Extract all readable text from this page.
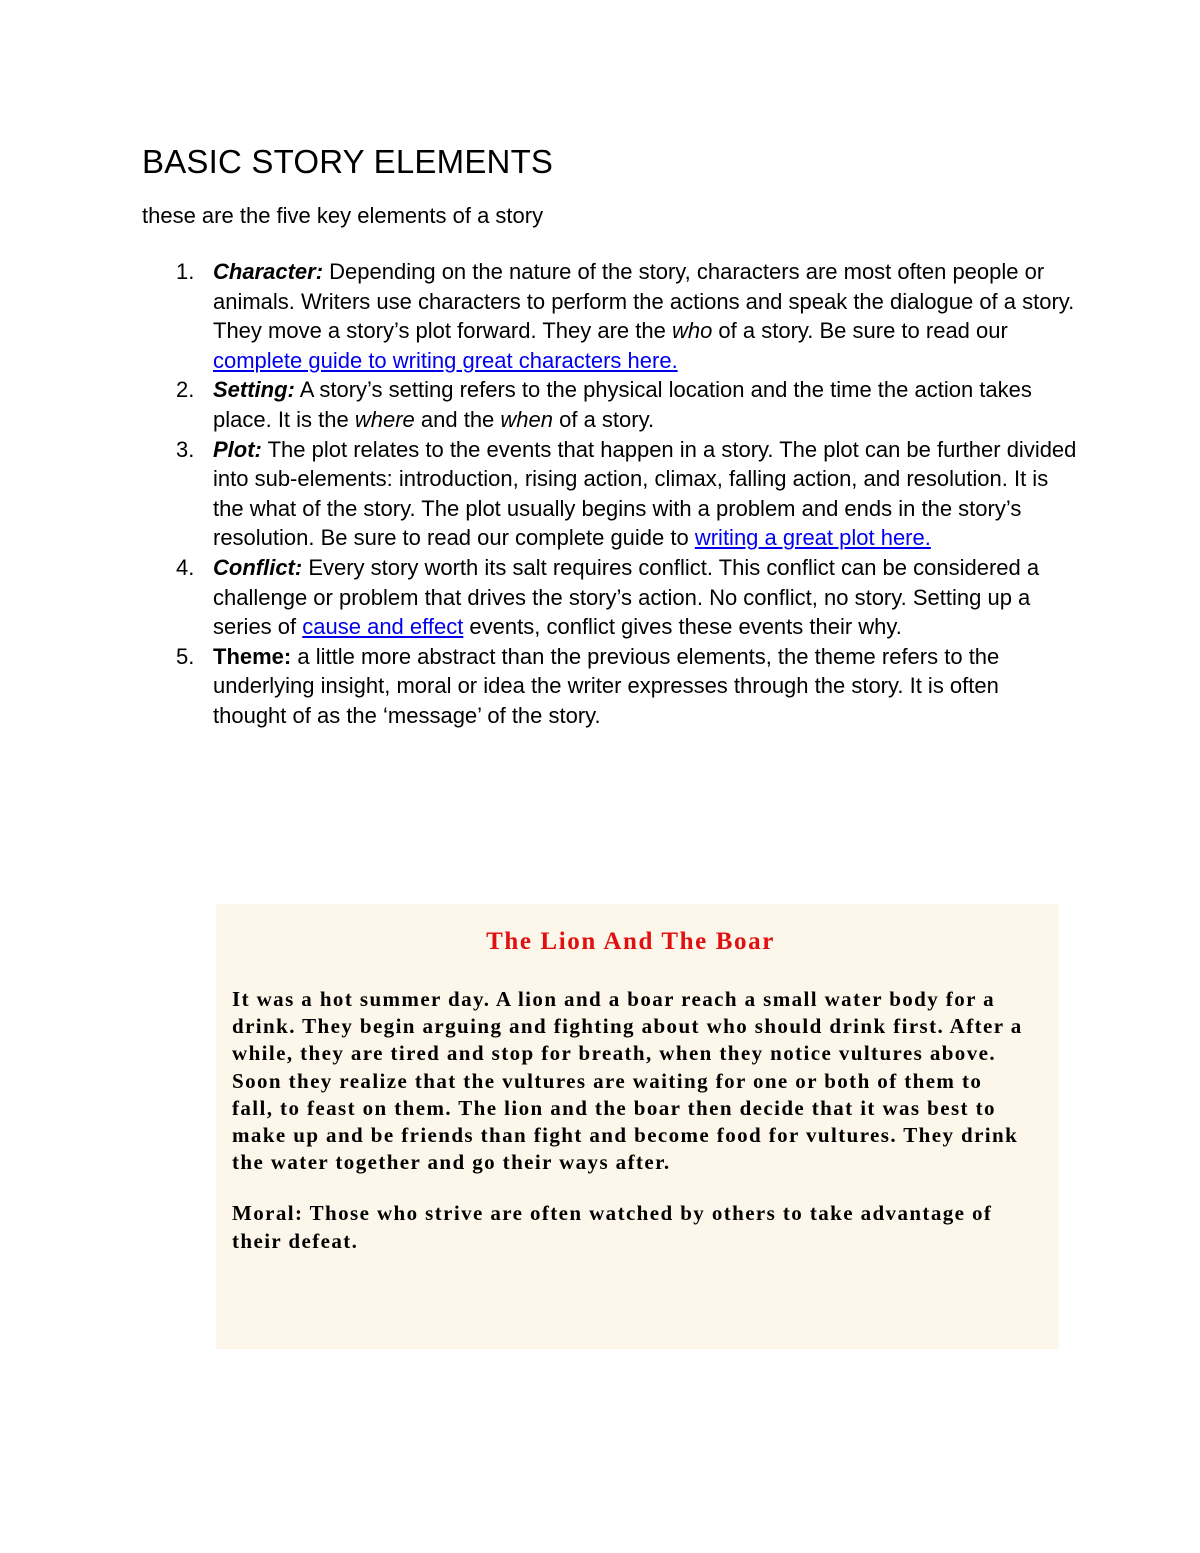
BASIC STORY ELEMENTS

these are the five key elements of a story

1. Character: Depending on the nature of the story, characters are most often people or animals. Writers use characters to perform the actions and speak the dialogue of a story. They move a story’s plot forward. They are the who of a story. Be sure to read our complete guide to writing great characters here.
2. Setting: A story’s setting refers to the physical location and the time the action takes place. It is the where and the when of a story.
3. Plot: The plot relates to the events that happen in a story. The plot can be further divided into sub-elements: introduction, rising action, climax, falling action, and resolution. It is the what of the story. The plot usually begins with a problem and ends in the story’s resolution. Be sure to read our complete guide to writing a great plot here.
4. Conflict: Every story worth its salt requires conflict. This conflict can be considered a challenge or problem that drives the story’s action. No conflict, no story. Setting up a series of cause and effect events, conflict gives these events their why.
5. Theme: a little more abstract than the previous elements, the theme refers to the underlying insight, moral or idea the writer expresses through the story. It is often thought of as the ‘message’ of the story.
The Lion And The Boar

It was a hot summer day. A lion and a boar reach a small water body for a drink. They begin arguing and fighting about who should drink first. After a while, they are tired and stop for breath, when they notice vultures above. Soon they realize that the vultures are waiting for one or both of them to fall, to feast on them. The lion and the boar then decide that it was best to make up and be friends than fight and become food for vultures. They drink the water together and go their ways after.

Moral: Those who strive are often watched by others to take advantage of their defeat.
